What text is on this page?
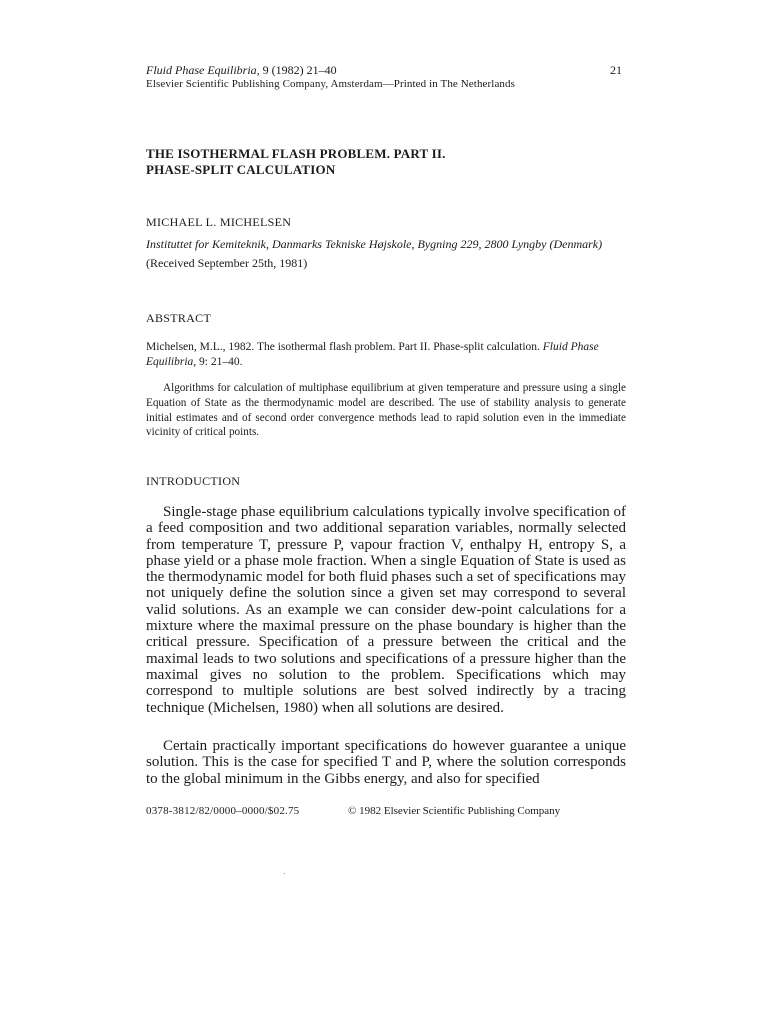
Fluid Phase Equilibria, 9 (1982) 21–40	21
Elsevier Scientific Publishing Company, Amsterdam—Printed in The Netherlands
THE ISOTHERMAL FLASH PROBLEM. PART II.
PHASE-SPLIT CALCULATION
MICHAEL L. MICHELSEN
Instituttet for Kemiteknik, Danmarks Tekniske Højskole, Bygning 229, 2800 Lyngby (Denmark)
(Received September 25th, 1981)
ABSTRACT
Michelsen, M.L., 1982. The isothermal flash problem. Part II. Phase-split calculation. Fluid Phase Equilibria, 9: 21–40.
Algorithms for calculation of multiphase equilibrium at given temperature and pressure using a single Equation of State as the thermodynamic model are described. The use of stability analysis to generate initial estimates and of second order convergence methods lead to rapid solution even in the immediate vicinity of critical points.
INTRODUCTION
Single-stage phase equilibrium calculations typically involve specification of a feed composition and two additional separation variables, normally selected from temperature T, pressure P, vapour fraction V, enthalpy H, entropy S, a phase yield or a phase mole fraction. When a single Equation of State is used as the thermodynamic model for both fluid phases such a set of specifications may not uniquely define the solution since a given set may correspond to several valid solutions. As an example we can consider dew-point calculations for a mixture where the maximal pressure on the phase boundary is higher than the critical pressure. Specification of a pressure between the critical and the maximal leads to two solutions and specifications of a pressure higher than the maximal gives no solution to the problem. Specifications which may correspond to multiple solutions are best solved indirectly by a tracing technique (Michelsen, 1980) when all solutions are desired.
Certain practically important specifications do however guarantee a unique solution. This is the case for specified T and P, where the solution corresponds to the global minimum in the Gibbs energy, and also for specified
0378-3812/82/0000–0000/$02.75	© 1982 Elsevier Scientific Publishing Company
